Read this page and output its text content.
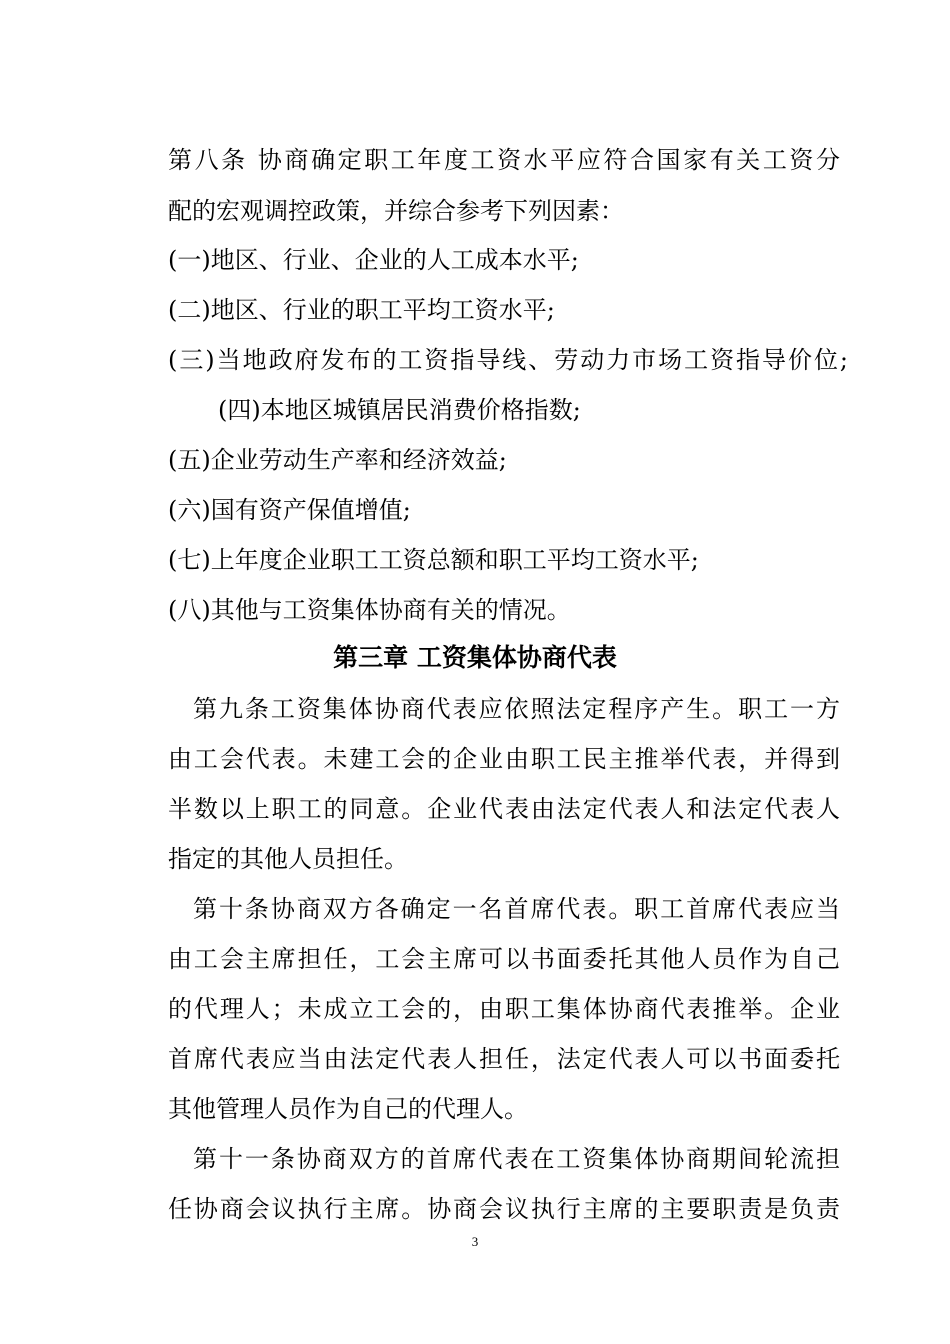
第八条 协商确定职工年度工资水平应符合国家有关工资分
配的宏观调控政策，并综合参考下列因素：
(一)地区、行业、企业的人工成本水平;
(二)地区、行业的职工平均工资水平;
(三)当地政府发布的工资指导线、劳动力市场工资指导价位;
(四)本地区城镇居民消费价格指数;
(五)企业劳动生产率和经济效益;
(六)国有资产保值增值;
(七)上年度企业职工工资总额和职工平均工资水平;
(八)其他与工资集体协商有关的情况。
第三章 工资集体协商代表
第九条工资集体协商代表应依照法定程序产生。职工一方
由工会代表。未建工会的企业由职工民主推举代表，并得到
半数以上职工的同意。企业代表由法定代表人和法定代表人
指定的其他人员担任。
第十条协商双方各确定一名首席代表。职工首席代表应当
由工会主席担任，工会主席可以书面委托其他人员作为自己
的代理人；未成立工会的，由职工集体协商代表推举。企业
首席代表应当由法定代表人担任，法定代表人可以书面委托
其他管理人员作为自己的代理人。
第十一条协商双方的首席代表在工资集体协商期间轮流担
任协商会议执行主席。协商会议执行主席的主要职责是负责
3
